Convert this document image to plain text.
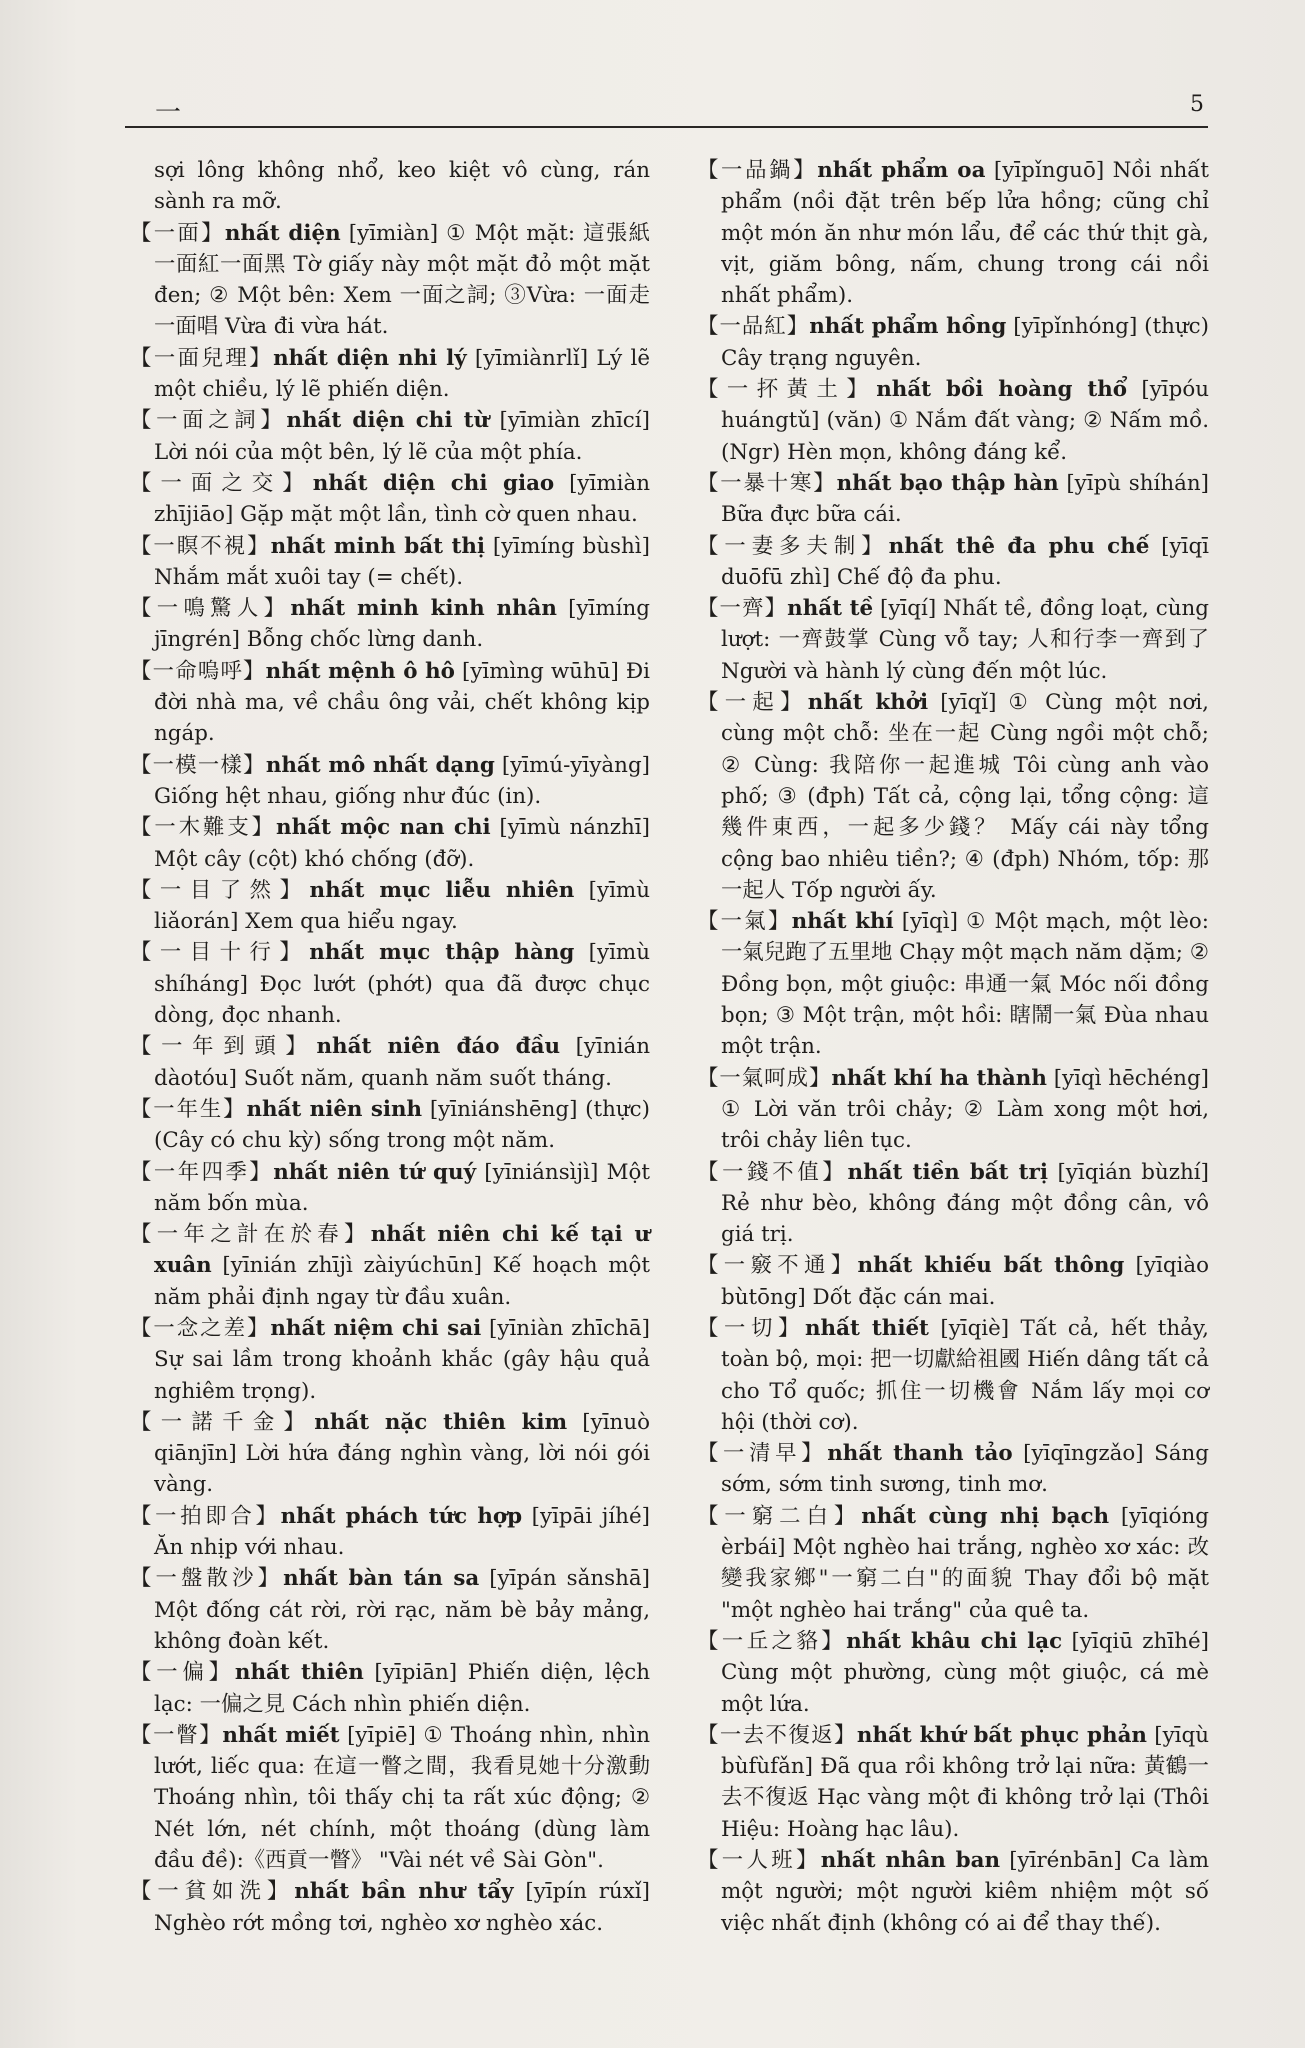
一	5

sợi lông không nhổ, keo kiệt vô cùng, rán sành ra mỡ.

【一面】nhất diện [yīmiàn] ① Một mặt: 這張紙一面紅一面黑 Tờ giấy này một mặt đỏ một mặt đen; ② Một bên: Xem 一面之詞; ③Vừa: 一面走一面唱 Vừa đi vừa hát.

【一面兒理】nhất diện nhi lý [yīmiànrlǐ] Lý lẽ một chiều, lý lẽ phiến diện.

【一面之詞】nhất diện chi từ [yīmiàn zhīcí] Lời nói của một bên, lý lẽ của một phía.

【一面之交】nhất diện chi giao [yīmiàn zhījiāo] Gặp mặt một lần, tình cờ quen nhau.

【一瞑不視】nhất minh bất thị [yīmíng bùshì] Nhắm mắt xuôi tay (= chết).

【一鳴驚人】nhất minh kinh nhân [yīmíng jīngrén] Bỗng chốc lừng danh.

【一命嗚呼】nhất mệnh ô hô [yīmìng wūhū] Đi đời nhà ma, về chầu ông vải, chết không kịp ngáp.

【一模一樣】nhất mô nhất dạng [yīmú-yīyàng] Giống hệt nhau, giống như đúc (in).

【一木難支】nhất mộc nan chi [yīmù nánzhī] Một cây (cột) khó chống (đỡ).

【一目了然】nhất mục liễu nhiên [yīmù liǎorán] Xem qua hiểu ngay.

【一目十行】nhất mục thập hàng [yīmù shíháng] Đọc lướt (phớt) qua đã được chục dòng, đọc nhanh.

【一年到頭】nhất niên đáo đầu [yīnián dàotóu] Suốt năm, quanh năm suốt tháng.

【一年生】nhất niên sinh [yīniánshēng] (thực) (Cây có chu kỳ) sống trong một năm.

【一年四季】nhất niên tứ quý [yīniánsìjì] Một năm bốn mùa.

【一年之計在於春】nhất niên chi kế tại ư xuân [yīnián zhījì zàiyúchūn] Kế hoạch một năm phải định ngay từ đầu xuân.

【一念之差】nhất niệm chi sai [yīniàn zhīchā] Sự sai lầm trong khoảnh khắc (gây hậu quả nghiêm trọng).

【一諾千金】nhất nặc thiên kim [yīnuò qiānjīn] Lời hứa đáng nghìn vàng, lời nói gói vàng.

【一拍即合】nhất phách tức hợp [yīpāi jíhé] Ăn nhịp với nhau.

【一盤散沙】nhất bàn tán sa [yīpán sǎnshā] Một đống cát rời, rời rạc, năm bè bảy mảng, không đoàn kết.

【一偏】nhất thiên [yīpiān] Phiến diện, lệch lạc: 一偏之見 Cách nhìn phiến diện.

【一瞥】nhất miết [yīpiē] ① Thoáng nhìn, nhìn lướt, liếc qua: 在這一瞥之間，我看見她十分激動 Thoáng nhìn, tôi thấy chị ta rất xúc động; ② Nét lớn, nét chính, một thoáng (dùng làm đầu đề):《西貢一瞥》 "Vài nét về Sài Gòn".

【一貧如洗】nhất bần như tẩy [yīpín rúxǐ] Nghèo rớt mồng tơi, nghèo xơ nghèo xác.

【一品鍋】nhất phẩm oa [yīpǐnguō] Nồi nhất phẩm (nồi đặt trên bếp lửa hồng; cũng chỉ một món ăn như món lẩu, để các thứ thịt gà, vịt, giăm bông, nấm, chung trong cái nồi nhất phẩm).

【一品紅】nhất phẩm hồng [yīpǐnhóng] (thực) Cây trạng nguyên.

【一抔黃土】nhất bồi hoàng thổ [yīpóu huángtǔ] (văn) ① Nắm đất vàng; ② Nấm mồ. (Ngr) Hèn mọn, không đáng kể.

【一暴十寒】nhất bạo thập hàn [yīpù shíhán] Bữa đực bữa cái.

【一妻多夫制】nhất thê đa phu chế [yīqī duōfū zhì] Chế độ đa phu.

【一齊】nhất tề [yīqí] Nhất tề, đồng loạt, cùng lượt: 一齊鼓掌 Cùng vỗ tay; 人和行李一齊到了 Người và hành lý cùng đến một lúc.

【一起】nhất khởi [yīqǐ] ① Cùng một nơi, cùng một chỗ: 坐在一起 Cùng ngồi một chỗ; ② Cùng: 我陪你一起進城 Tôi cùng anh vào phố; ③ (đph) Tất cả, cộng lại, tổng cộng: 這幾件東西，一起多少錢？ Mấy cái này tổng cộng bao nhiêu tiền?; ④ (đph) Nhóm, tốp: 那一起人 Tốp người ấy.

【一氣】nhất khí [yīqì] ① Một mạch, một lèo: 一氣兒跑了五里地 Chạy một mạch năm dặm; ② Đồng bọn, một giuộc: 串通一氣 Móc nối đồng bọn; ③ Một trận, một hồi: 瞎鬧一氣 Đùa nhau một trận.

【一氣呵成】nhất khí ha thành [yīqì hēchéng] ① Lời văn trôi chảy; ② Làm xong một hơi, trôi chảy liên tục.

【一錢不值】nhất tiền bất trị [yīqián bùzhí] Rẻ như bèo, không đáng một đồng cân, vô giá trị.

【一竅不通】nhất khiếu bất thông [yīqiào bùtōng] Dốt đặc cán mai.

【一切】nhất thiết [yīqiè] Tất cả, hết thảy, toàn bộ, mọi: 把一切獻給祖國 Hiến dâng tất cả cho Tổ quốc; 抓住一切機會 Nắm lấy mọi cơ hội (thời cơ).

【一清早】nhất thanh tảo [yīqīngzǎo] Sáng sớm, sớm tinh sương, tinh mơ.

【一窮二白】nhất cùng nhị bạch [yīqióng èrbái] Một nghèo hai trắng, nghèo xơ xác: 改變我家鄉"一窮二白"的面貌 Thay đổi bộ mặt "một nghèo hai trắng" của quê ta.

【一丘之貉】nhất khâu chi lạc [yīqiū zhīhé] Cùng một phường, cùng một giuộc, cá mè một lứa.

【一去不復返】nhất khứ bất phục phản [yīqù bùfùfǎn] Đã qua rồi không trở lại nữa: 黃鶴一去不復返 Hạc vàng một đi không trở lại (Thôi Hiệu: Hoàng hạc lâu).

【一人班】nhất nhân ban [yīrénbān] Ca làm một người; một người kiêm nhiệm một số việc nhất định (không có ai để thay thế).
